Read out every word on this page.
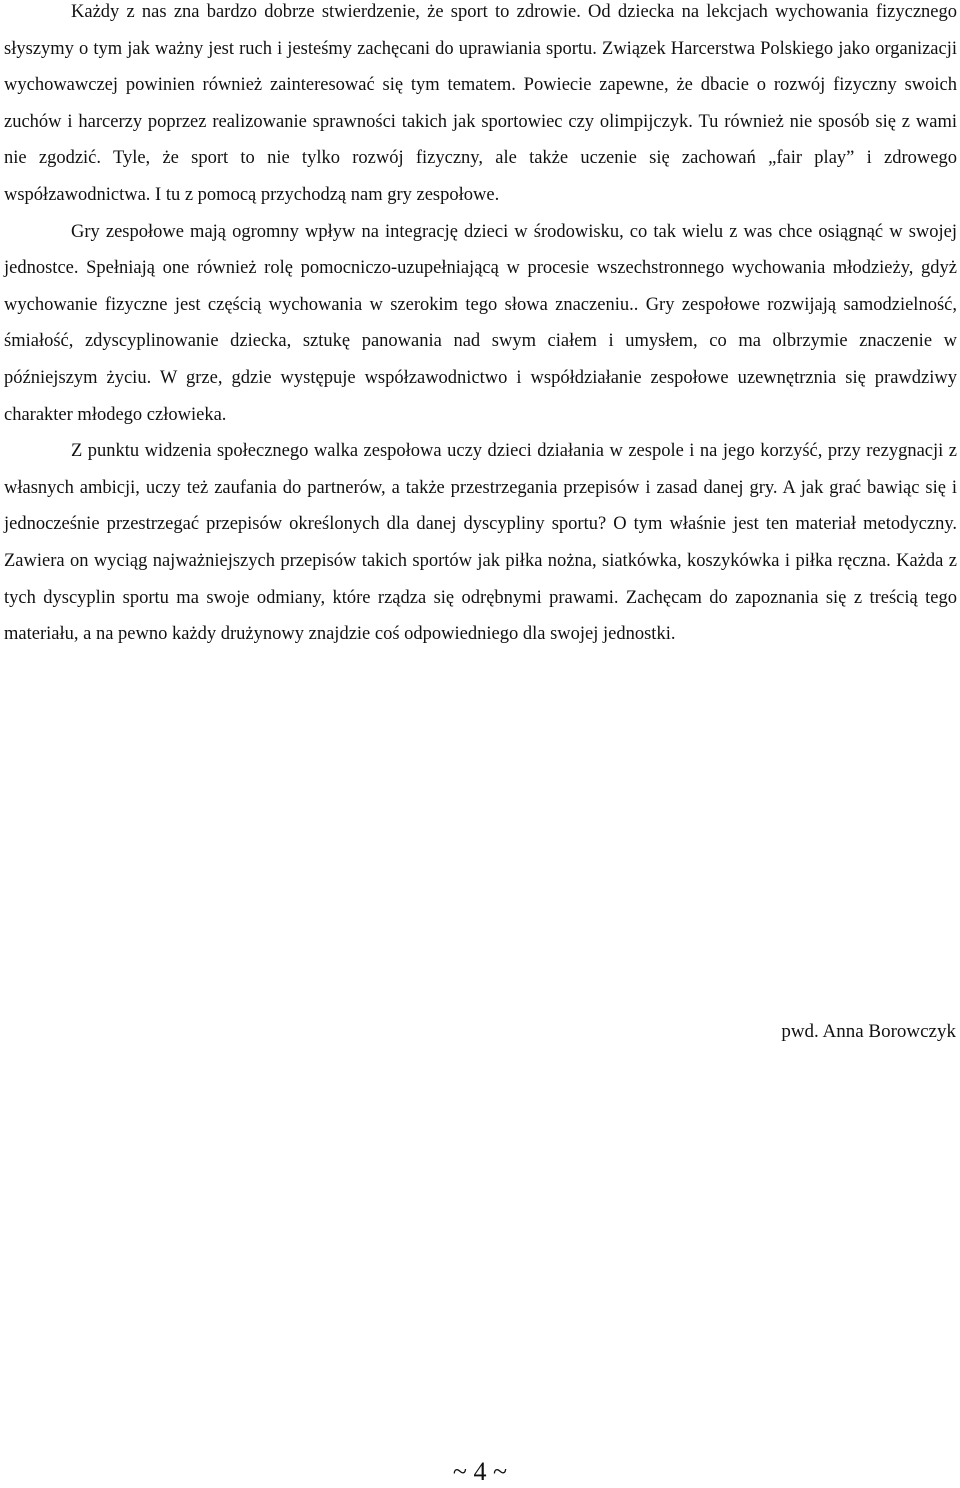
Każdy z nas zna bardzo dobrze stwierdzenie, że sport to zdrowie. Od dziecka na lekcjach wychowania fizycznego słyszymy o tym jak ważny jest ruch i jesteśmy zachęcani do uprawiania sportu. Związek Harcerstwa Polskiego jako organizacji wychowawczej powinien również zainteresować się tym tematem. Powiecie zapewne, że dbacie o rozwój fizyczny swoich zuchów i harcerzy poprzez realizowanie sprawności takich jak sportowiec czy olimpijczyk. Tu również nie sposób się z wami nie zgodzić. Tyle, że sport to nie tylko rozwój fizyczny, ale także uczenie się zachowań „fair play” i zdrowego współzawodnictwa. I tu z pomocą przychodzą nam gry zespołowe.

Gry zespołowe mają ogromny wpływ na integrację dzieci w środowisku, co tak wielu z was chce osiągnąć w swojej jednostce. Spełniają one również rolę pomocniczo-uzupełniającą w procesie wszechstronnego wychowania młodzieży, gdyż wychowanie fizyczne jest częścią wychowania w szerokim tego słowa znaczeniu.. Gry zespołowe rozwijają samodzielność, śmiałość, zdyscyplinowanie dziecka, sztukę panowania nad swym ciałem i umysłem, co ma olbrzymie znaczenie w późniejszym życiu. W grze, gdzie występuje współzawodnictwo i współdziałanie zespołowe uzewnętrznia się prawdziwy charakter młodego człowieka.

Z punktu widzenia społecznego walka zespołowa uczy dzieci działania w zespole i na jego korzyść, przy rezygnacji z własnych ambicji, uczy też zaufania do partnerów, a także przestrzegania przepisów i zasad danej gry. A jak grać bawiąc się i jednocześnie przestrzegać przepisów określonych dla danej dyscypliny sportu? O tym właśnie jest ten materiał metodyczny. Zawiera on wyciąg najważniejszych przepisów takich sportów jak piłka nożna, siatkówka, koszykówka i piłka ręczna. Każda z tych dyscyplin sportu ma swoje odmiany, które rządza się odrębnymi prawami. Zachęcam do zapoznania się z treścią tego materiału, a na pewno każdy drużynowy znajdzie coś odpowiedniego dla swojej jednostki.

pwd. Anna Borowczyk
~ 4 ~
